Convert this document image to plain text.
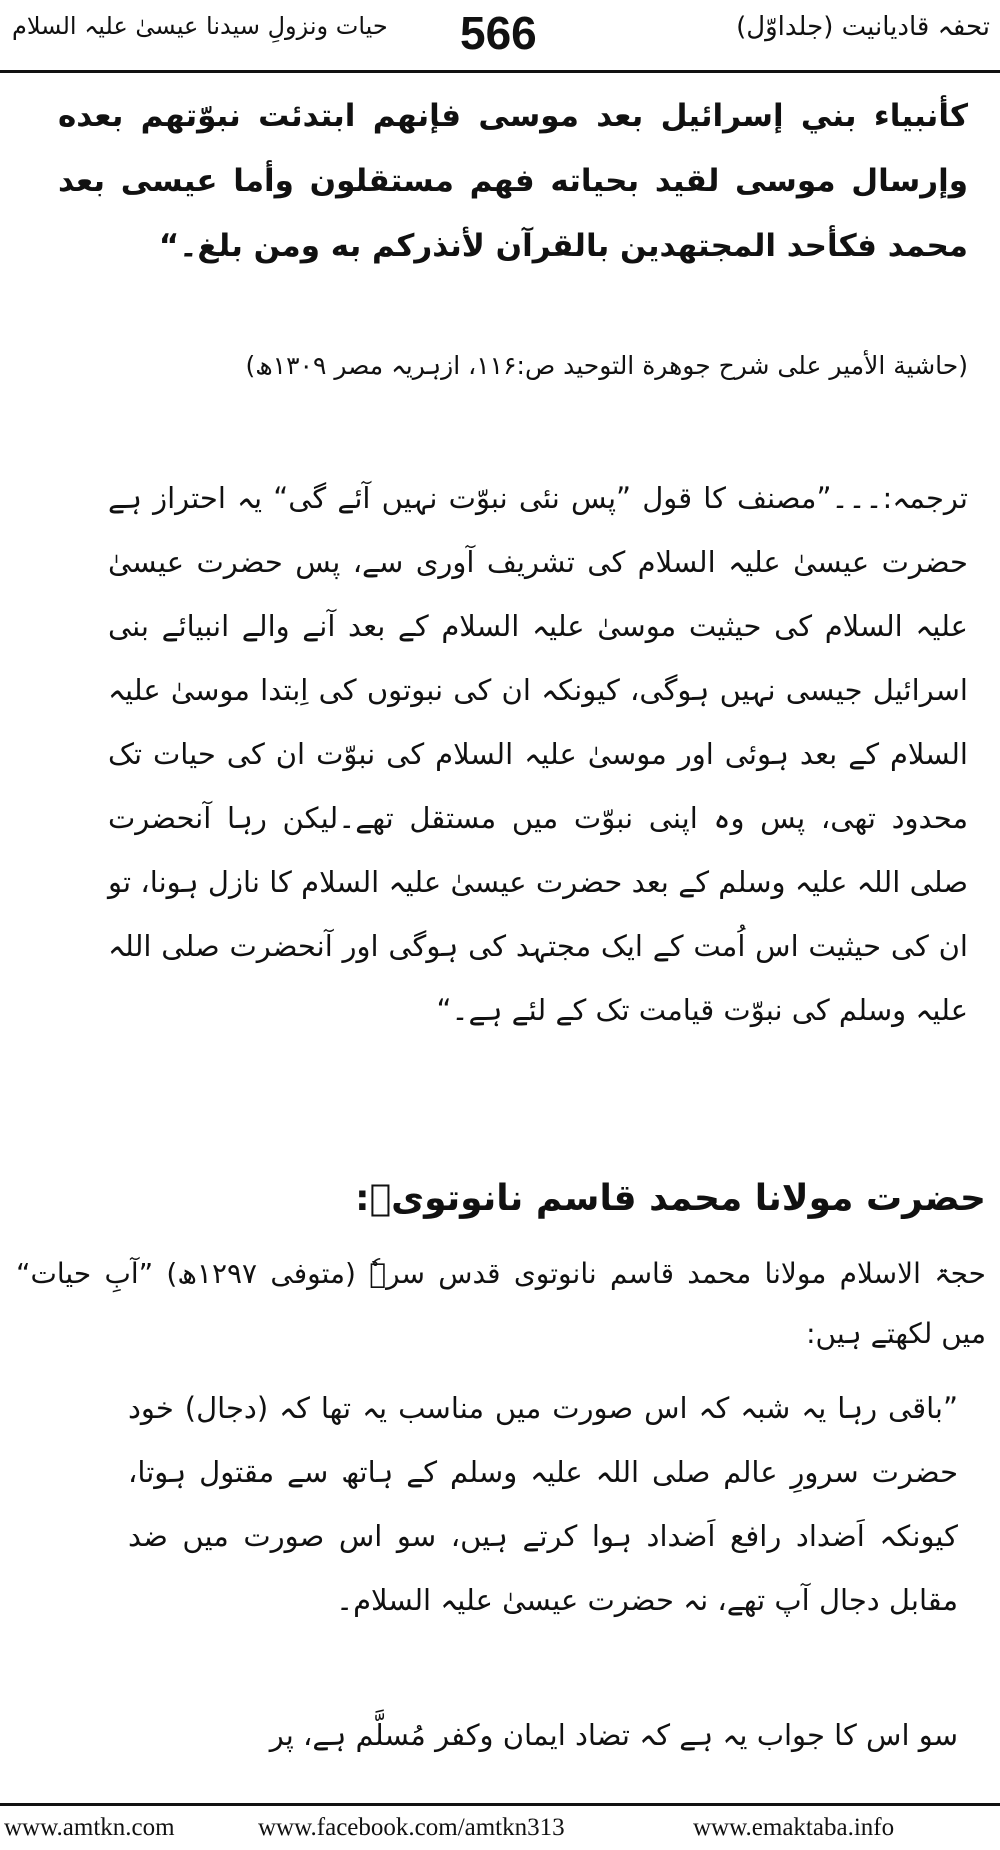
حیات ونزولِ سیدنا عیسیٰ علیہ السلام 566	تحفہ قادیانیت (جلداوّل)
کأنبیاء بني إسرائیل بعد موسی فإنهم ابتدئت نبوّتهم بعده وإرسال موسی لقید بحیاته فهم مستقلون وأما عیسی بعد محمد فکأحد المجتهدین بالقرآن لأنذرکم به ومن بلغ۔“
(حاشیة الأمیر علی شرح جوهرة التوحید ص:۱۱۶، ازہریہ مصر ۱۳۰۹ھ)
ترجمہ:۔۔۔”مصنف کا قول ”پس نئی نبوّت نہیں آئے گی“ یہ احتراز ہے حضرت عیسیٰ علیہ السلام کی تشریف آوری سے، پس حضرت عیسیٰ علیہ السلام کی حیثیت موسیٰ علیہ السلام کے بعد آنے والے انبیائے بنی اسرائیل جیسی نہیں ہوگی، کیونکہ ان کی نبوتوں کی اِبتدا موسیٰ علیہ السلام کے بعد ہوئی اور موسیٰ علیہ السلام کی نبوّت ان کی حیات تک محدود تھی، پس وہ اپنی نبوّت میں مستقل تھے۔لیکن رہا آنحضرت صلی اللہ علیہ وسلم کے بعد حضرت عیسیٰ علیہ السلام کا نازل ہونا، تو ان کی حیثیت اس اُمت کے ایک مجتہد کی ہوگی اور آنحضرت صلی اللہ علیہ وسلم کی نبوّت قیامت تک کے لئے ہے۔“
حضرت مولانا محمد قاسم نانوتویؒ:
حجۃ الاسلام مولانا محمد قاسم نانوتوی قدس سرہٗ (متوفی ۱۲۹۷ھ) ”آبِ حیات“ میں لکھتے ہیں:
”باقی رہا یہ شبہ کہ اس صورت میں مناسب یہ تھا کہ (دجال) خود حضرت سرورِ عالم صلی اللہ علیہ وسلم کے ہاتھ سے مقتول ہوتا، کیونکہ اَضداد رافع اَضداد ہوا کرتے ہیں، سو اس صورت میں ضد مقابل دجال آپ تھے، نہ حضرت عیسیٰ علیہ السلام۔
سو اس کا جواب یہ ہے کہ تضاد ایمان وکفر مُسلَّم ہے، پر
www.amtkn.com	www.facebook.com/amtkn313	www.emaktaba.info
